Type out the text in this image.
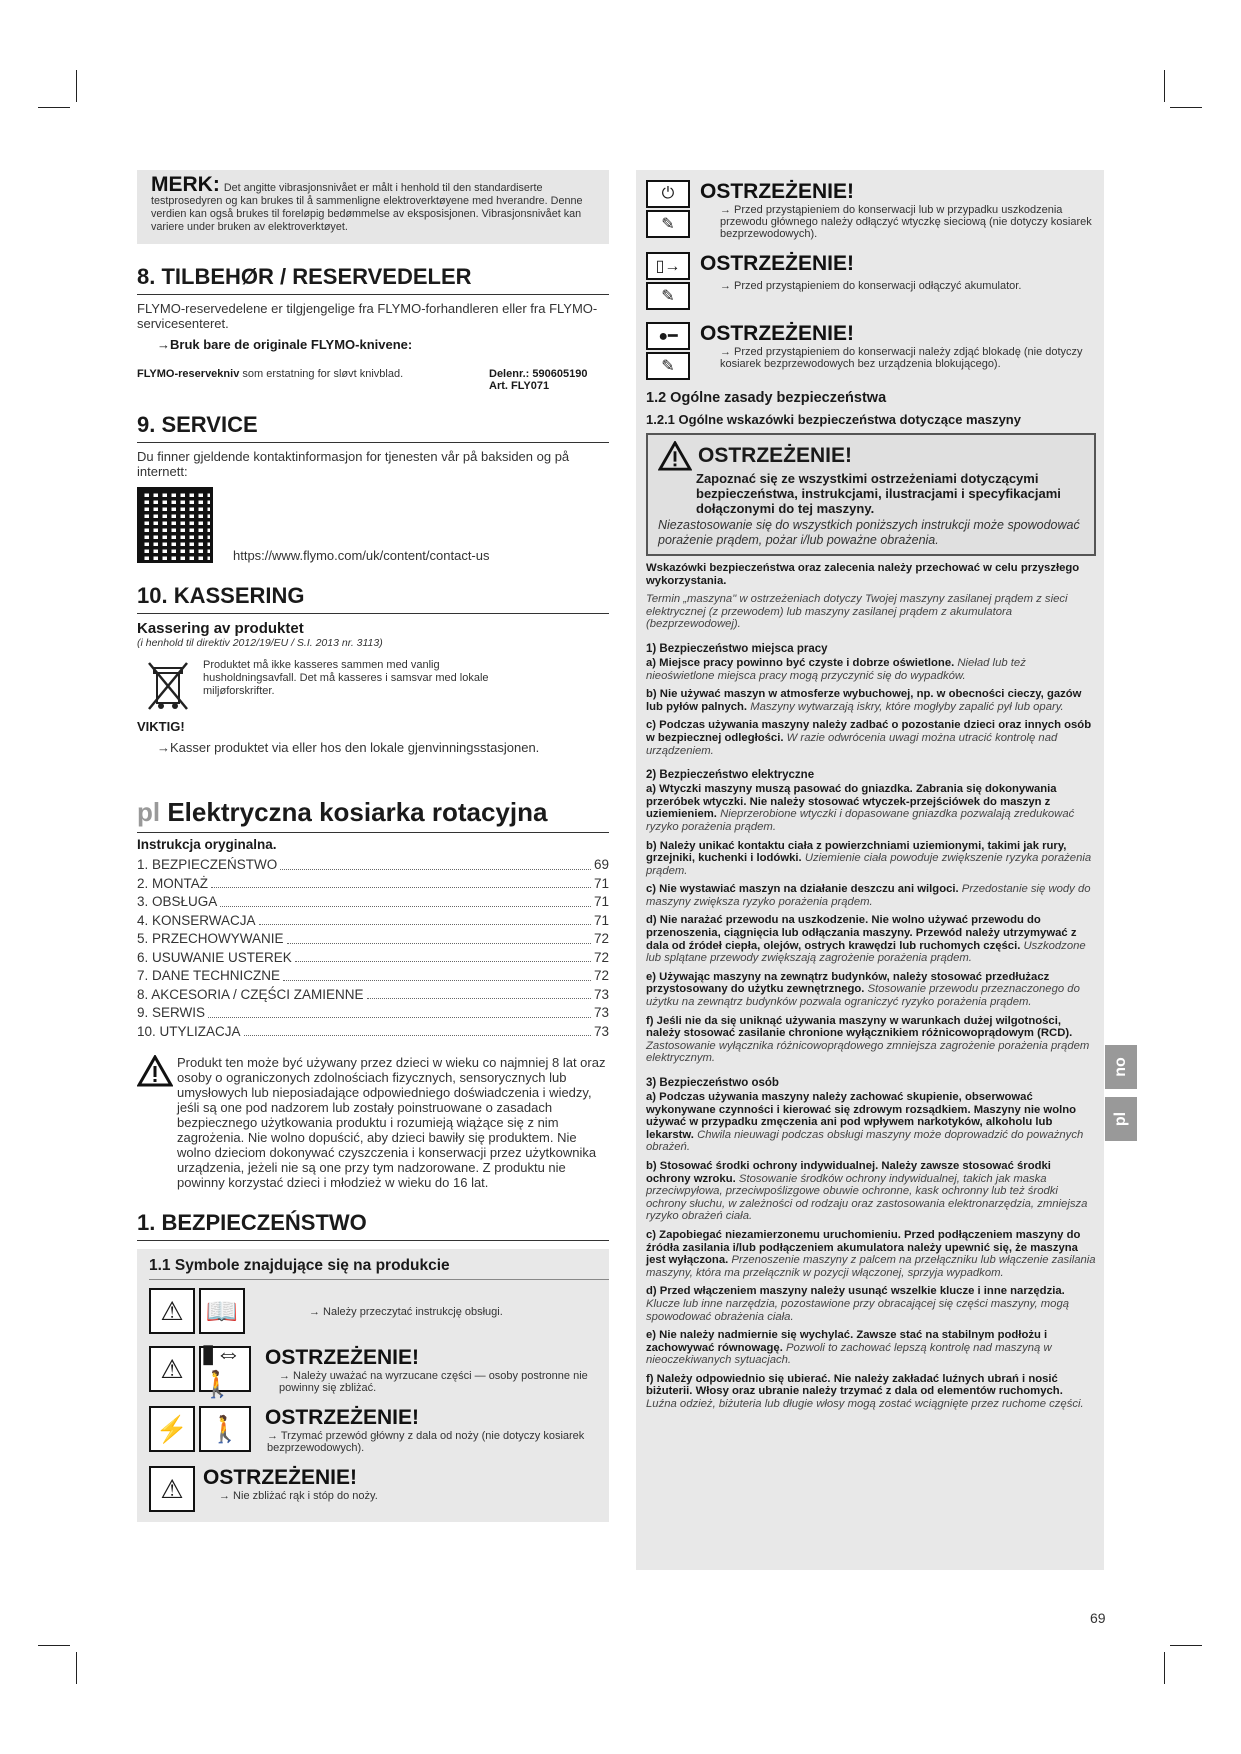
MERK: Det angitte vibrasjonsnivået er målt i henhold til den standardiserte testprosedyren og kan brukes til å sammenligne elektroverktøyene med hverandre. Denne verdien kan også brukes til foreløpig bedømmelse av eksposisjonen. Vibrasjonsnivået kan variere under bruken av elektroverktøyet.
8. TILBEHØR / RESERVEDELER

FLYMO-reservedelene er tilgjengelige fra FLYMO-forhandleren eller fra FLYMO-servicesenteret.

→Bruk bare de originale FLYMO-knivene:

FLYMO-reservekniv som erstatning for sløvt knivblad.	Delenr.: 590605190
Art. FLY071
9. SERVICE

Du finner gjeldende kontaktinformasjon for tjenesten vår på baksiden og på internett:

https://www.flymo.com/uk/content/contact-us
10. KASSERING

Kassering av produktet

(i henhold til direktiv 2012/19/EU / S.I. 2013 nr. 3113)
Produktet må ikke kasseres sammen med vanlig husholdningsavfall. Det må kasseres i samsvar med lokale miljøforskrifter.
VIKTIG!

→Kasser produktet via eller hos den lokale gjenvinningsstasjonen.

pl Elektryczna kosiarka rotacyjna
Instrukcja oryginalna.
1. BEZPIECZEŃSTWO	69
2. MONTAŻ	71
3. OBSŁUGA	71
4. KONSERWACJA	71
5. PRZECHOWYWANIE	72
6. USUWANIE USTEREK	72
7. DANE TECHNICZNE	72
8. AKCESORIA / CZĘŚCI ZAMIENNE	73
9. SERWIS	73
10. UTYLIZACJA	73

Produkt ten może być używany przez dzieci w wieku co najmniej 8 lat oraz osoby o ograniczonych zdolnościach fizycznych, sensorycznych lub umysłowych lub nieposiadające odpowiedniego doświadczenia i wiedzy, jeśli są one pod nadzorem lub zostały poinstruowane o zasadach bezpiecznego użytkowania produktu i rozumieją wiążące się z nim zagrożenia. Nie wolno dopuścić, aby dzieci bawiły się produktem. Nie wolno dzieciom dokonywać czyszczenia i konserwacji przez użytkownika urządzenia, jeżeli nie są one przy tym nadzorowane. Z produktu nie powinny korzystać dzieci i młodzież w wieku do 16 lat.

1. BEZPIECZEŃSTWO
1.1 Symbole znajdujące się na produkcie
⚠ 📖	→ Należy przeczytać instrukcję obsługi.
⚠
▮⇔🚶

OSTRZEŻENIE!

→ Należy uważać na wyrzucane części — osoby postronne nie powinny się zbliżać.
⚡ 🚶	OSTRZEŻENIE!

→ Trzymać przewód główny z dala od noży (nie dotyczy kosiarek bezprzewodowych).
⚠ OSTRZEŻENIE!

→ Nie zbliżać rąk i stóp do noży.
⏻
✎

OSTRZEŻENIE!

→ Przed przystąpieniem do konserwacji lub w przypadku uszkodzenia przewodu głównego należy odłączyć wtyczkę sieciową (nie dotyczy kosiarek bezprzewodowych).
▯→
✎

OSTRZEŻENIE!

→ Przed przystąpieniem do konserwacji odłączyć akumulator.
●━
✎

OSTRZEŻENIE!

→ Przed przystąpieniem do konserwacji należy zdjąć blokadę (nie dotyczy kosiarek bezprzewodowych bez urządzenia blokującego).
1.2 Ogólne zasady bezpieczeństwa
1.2.1 Ogólne wskazówki bezpieczeństwa dotyczące maszyny
OSTRZEŻENIE!
Zapoznać się ze wszystkimi ostrzeżeniami dotyczącymi bezpieczeństwa, instrukcjami, ilustracjami i specyfikacjami dołączonymi do tej maszyny.
Niezastosowanie się do wszystkich poniższych instrukcji może spowodować porażenie prądem, pożar i/lub poważne obrażenia.

Wskazówki bezpieczeństwa oraz zalecenia należy przechować w celu przyszłego wykorzystania.

Termin „maszyna" w ostrzeżeniach dotyczy Twojej maszyny zasilanej prądem z sieci elektrycznej (z przewodem) lub maszyny zasilanej prądem z akumulatora (bezprzewodowej).

1) Bezpieczeństwo miejsca pracy

a) Miejsce pracy powinno być czyste i dobrze oświetlone. Nieład lub też nieoświetlone miejsca pracy mogą przyczynić się do wypadków.

b) Nie używać maszyn w atmosferze wybuchowej, np. w obecności cieczy, gazów lub pyłów palnych. Maszyny wytwarzają iskry, które mogłyby zapalić pył lub opary.

c) Podczas używania maszyny należy zadbać o pozostanie dzieci oraz innych osób w bezpiecznej odległości. W razie odwrócenia uwagi można utracić kontrolę nad urządzeniem.

2) Bezpieczeństwo elektryczne

a) Wtyczki maszyny muszą pasować do gniazdka. Zabrania się dokonywania przeróbek wtyczki. Nie należy stosować wtyczek-przejściówek do maszyn z uziemieniem. Nieprzerobione wtyczki i dopasowane gniazdka pozwalają zredukować ryzyko porażenia prądem.

b) Należy unikać kontaktu ciała z powierzchniami uziemionymi, takimi jak rury, grzejniki, kuchenki i lodówki. Uziemienie ciała powoduje zwiększenie ryzyka porażenia prądem.

c) Nie wystawiać maszyn na działanie deszczu ani wilgoci. Przedostanie się wody do maszyny zwiększa ryzyko porażenia prądem.

d) Nie narażać przewodu na uszkodzenie. Nie wolno używać przewodu do przenoszenia, ciągnięcia lub odłączania maszyny. Przewód należy utrzymywać z dala od źródeł ciepła, olejów, ostrych krawędzi lub ruchomych części. Uszkodzone lub splątane przewody zwiększają zagrożenie porażenia prądem.

e) Używając maszyny na zewnątrz budynków, należy stosować przedłużacz przystosowany do użytku zewnętrznego. Stosowanie przewodu przeznaczonego do użytku na zewnątrz budynków pozwala ograniczyć ryzyko porażenia prądem.

f) Jeśli nie da się uniknąć używania maszyny w warunkach dużej wilgotności, należy stosować zasilanie chronione wyłącznikiem różnicowoprądowym (RCD). Zastosowanie wyłącznika różnicowoprądowego zmniejsza zagrożenie porażenia prądem elektrycznym.

3) Bezpieczeństwo osób

a) Podczas używania maszyny należy zachować skupienie, obserwować wykonywane czynności i kierować się zdrowym rozsądkiem. Maszyny nie wolno używać w przypadku zmęczenia ani pod wpływem narkotyków, alkoholu lub lekarstw. Chwila nieuwagi podczas obsługi maszyny może doprowadzić do poważnych obrażeń.

b) Stosować środki ochrony indywidualnej. Należy zawsze stosować środki ochrony wzroku. Stosowanie środków ochrony indywidualnej, takich jak maska przeciwpyłowa, przeciwpoślizgowe obuwie ochronne, kask ochronny lub też środki ochrony słuchu, w zależności od rodzaju oraz zastosowania elektronarzędzia, zmniejsza ryzyko obrażeń ciała.

c) Zapobiegać niezamierzonemu uruchomieniu. Przed podłączeniem maszyny do źródła zasilania i/lub podłączeniem akumulatora należy upewnić się, że maszyna jest wyłączona. Przenoszenie maszyny z palcem na przełączniku lub włączenie zasilania maszyny, która ma przełącznik w pozycji włączonej, sprzyja wypadkom.

d) Przed włączeniem maszyny należy usunąć wszelkie klucze i inne narzędzia. Klucze lub inne narzędzia, pozostawione przy obracającej się części maszyny, mogą spowodować obrażenia ciała.

e) Nie należy nadmiernie się wychylać. Zawsze stać na stabilnym podłożu i zachowywać równowagę. Pozwoli to zachować lepszą kontrolę nad maszyną w nieoczekiwanych sytuacjach.

f) Należy odpowiednio się ubierać. Nie należy zakładać luźnych ubrań i nosić biżuterii. Włosy oraz ubranie należy trzymać z dala od elementów ruchomych. Luźna odzież, biżuteria lub długie włosy mogą zostać wciągnięte przez ruchome części.

no
pl
69
